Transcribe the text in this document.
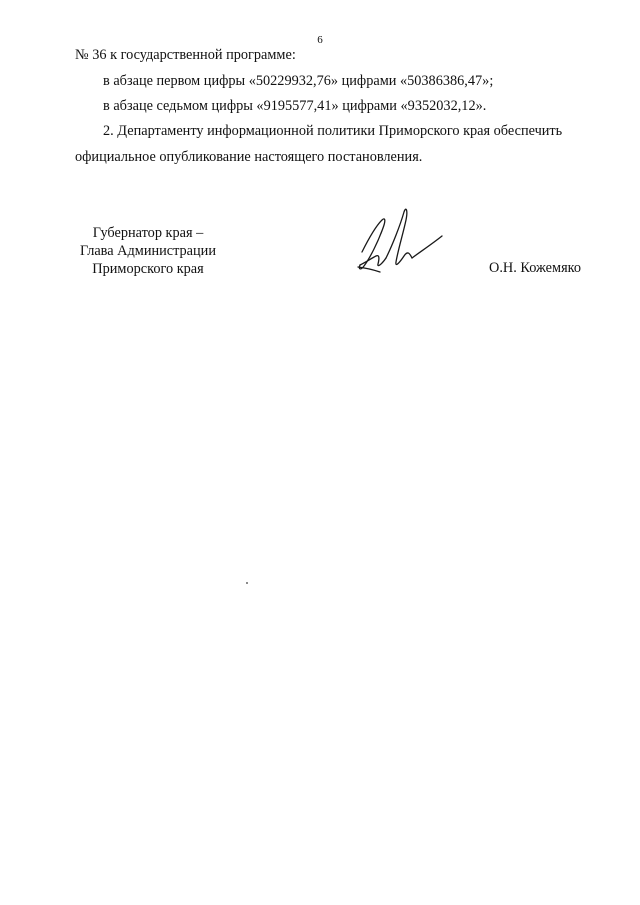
6
№ 36 к государственной программе:
в абзаце первом цифры «50229932,76» цифрами «50386386,47»;
в абзаце седьмом цифры «9195577,41» цифрами «9352032,12».
2. Департаменту информационной политики Приморского края обеспечить
официальное опубликование настоящего постановления.
Губернатор края –
Глава Администрации
Приморского края	О.Н. Кожемяко
